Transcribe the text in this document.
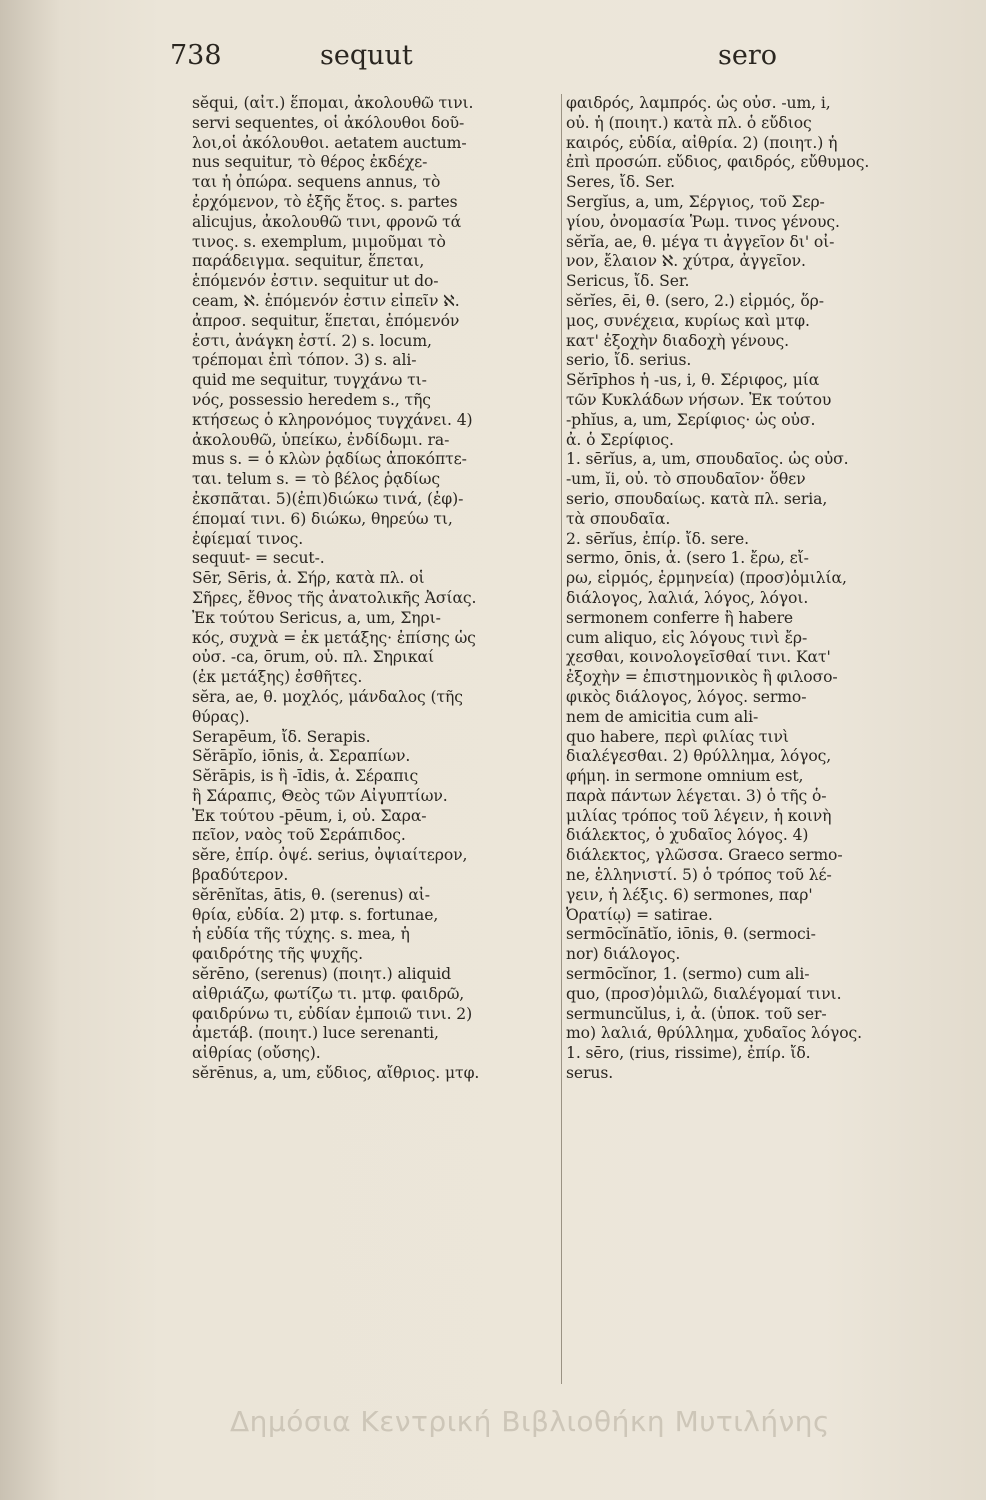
738	sequut	sero
sĕqui, (αἰτ.) ἕπομαι, ἀκολουθῶ τινι.
servi sequentes, οἱ ἀκόλουθοι δοῦ-
λοι,οἱ ἀκόλουθοι. aetatem auctum-
nus sequitur, τὸ θέρος ἐκδέχε-
ται ἡ ὀπώρα. sequens annus, τὸ
ἐρχόμενον, τὸ ἑξῆς ἔτος. s. partes
alicujus, ἀκολουθῶ τινι, φρονῶ τά
τινος. s. exemplum, μιμοῦμαι τὸ
παράδειγμα. sequitur, ἕπεται,
ἑπόμενόν ἐστιν. sequitur ut do-
ceam, ℵ. ἑπόμενόν ἐστιν εἰπεῖν ℵ.
ἀπροσ. sequitur, ἕπεται, ἑπόμενόν
ἐστι, ἀνάγκη ἐστί. 2) s. locum,
τρέπομαι ἐπὶ τόπον. 3) s. ali-
quid me sequitur, τυγχάνω τι-
νός, possessio heredem s., τῆς
κτήσεως ὁ κληρονόμος τυγχάνει. 4)
ἀκολουθῶ, ὑπείκω, ἐνδίδωμι. ra-
mus s. = ὁ κλὼν ῥᾳδίως ἀποκόπτε-
ται. telum s. = τὸ βέλος ῥᾳδίως
ἐκσπᾶται. 5)(ἐπι)διώκω τινά, (ἐφ)-
έπομαί τινι. 6) διώκω, θηρεύω τι,
ἐφίεμαί τινος.
sequut- = secut-.
Sēr, Sēris, ἀ. Σήρ, κατὰ πλ. οἱ
Σῆρες, ἔθνος τῆς ἀνατολικῆς Ἀσίας.
Ἐκ τούτου Sericus, a, um, Σηρι-
κός, συχνὰ = ἐκ μετάξης· ἐπίσης ὡς
οὐσ. -ca, ōrum, οὐ. πλ. Σηρικαί
(ἐκ μετάξης) ἐσθῆτες.
sĕra, ae, θ. μοχλός, μάνδαλος (τῆς
θύρας).
Serapēum, ἴδ. Serapis.
Sĕrāpĭo, iōnis, ἀ. Σεραπίων.
Sĕrāpis, is ἢ -īdis, ἀ. Σέραπις
ἢ Σάραπις, Θεὸς τῶν Αἰγυπτίων.
Ἐκ τούτου -pēum, i, οὐ. Σαρα-
πεῖον, ναὸς τοῦ Σεράπιδος.
sĕre, ἐπίρ. ὀψέ. serius, ὀψιαίτερον,
βραδύτερον.
sĕrēnĭtas, ātis, θ. (serenus) αἰ-
θρία, εὐδία. 2) μτφ. s. fortunae,
ἡ εὐδία τῆς τύχης. s. mea, ἡ
φαιδρότης τῆς ψυχῆς.
sĕrēno, (serenus) (ποιητ.) aliquid
αἰθριάζω, φωτίζω τι. μτφ. φαιδρῶ,
φαιδρύνω τι, εὐδίαν ἐμποιῶ τινι. 2)
ἀμετάβ. (ποιητ.) luce serenanti,
αἰθρίας (οὔσης).
sĕrēnus, a, um, εὔδιος, αἴθριος. μτφ.
φαιδρός, λαμπρός. ὡς οὐσ. -um, i,
οὐ. ἡ (ποιητ.) κατὰ πλ. ὁ εὔδιος
καιρός, εὐδία, αἰθρία. 2) (ποιητ.) ἡ
ἐπὶ προσώπ. εὔδιος, φαιδρός, εὔθυμος.
Seres, ἴδ. Ser.
Sergĭus, a, um, Σέργιος, τοῦ Σερ-
γίου, ὀνομασία Ῥωμ. τινος γένους.
sĕrĭa, ae, θ. μέγα τι ἀγγεῖον δι' οἶ-
νον, ἔλαιον ℵ. χύτρα, ἀγγεῖον.
Sericus, ἴδ. Ser.
sĕrĭes, ēi, θ. (sero, 2.) εἱρμός, ὅρ-
μος, συνέχεια, κυρίως καὶ μτφ.
κατ' ἐξοχὴν διαδοχὴ γένους.
serio, ἴδ. serius.
Sĕrīphos ἡ -us, i, θ. Σέριφος, μία
τῶν Κυκλάδων νήσων. Ἐκ τούτου
-phĭus, a, um, Σερίφιος· ὡς οὐσ.
ἀ. ὁ Σερίφιος.
1. sērĭus, a, um, σπουδαῖος. ὡς οὐσ.
-um, ĭi, οὐ. τὸ σπουδαῖον· ὅθεν
serio, σπουδαίως. κατὰ πλ. seria,
τὰ σπουδαῖα.
2. sērĭus, ἐπίρ. ἴδ. sere.
sermo, ōnis, ἀ. (sero 1. ἔρω, εἴ-
ρω, εἱρμός, ἑρμηνεία) (προσ)ὁμιλία,
διάλογος, λαλιά, λόγος, λόγοι.
sermonem conferre ἢ habere
cum aliquo, εἰς λόγους τινὶ ἔρ-
χεσθαι, κοινολογεῖσθαί τινι. Κατ'
ἐξοχὴν = ἐπιστημονικὸς ἢ φιλοσο-
φικὸς διάλογος, λόγος. sermo-
nem de amicitia cum ali-
quo habere, περὶ φιλίας τινὶ
διαλέγεσθαι. 2) θρύλλημα, λόγος,
φήμη. in sermone omnium est,
παρὰ πάντων λέγεται. 3) ὁ τῆς ὁ-
μιλίας τρόπος τοῦ λέγειν, ἡ κοινὴ
διάλεκτος, ὁ χυδαῖος λόγος. 4)
διάλεκτος, γλῶσσα. Graeco sermo-
ne, ἑλληνιστί. 5) ὁ τρόπος τοῦ λέ-
γειν, ἡ λέξις. 6) sermones, παρ'
Ὀρατίῳ) = satirae.
sermōcĭnātĭo, iōnis, θ. (sermoci-
nor) διάλογος.
sermōcĭnor, 1. (sermo) cum ali-
quo, (προσ)ὁμιλῶ, διαλέγομαί τινι.
sermuncŭlus, i, ἀ. (ὑποκ. τοῦ ser-
mo) λαλιά, θρύλλημα, χυδαῖος λόγος.
1. sēro, (rius, rissime), ἐπίρ. ἴδ.
serus.
Δημόσια Κεντρική Βιβλιοθήκη Μυτιλήνης
